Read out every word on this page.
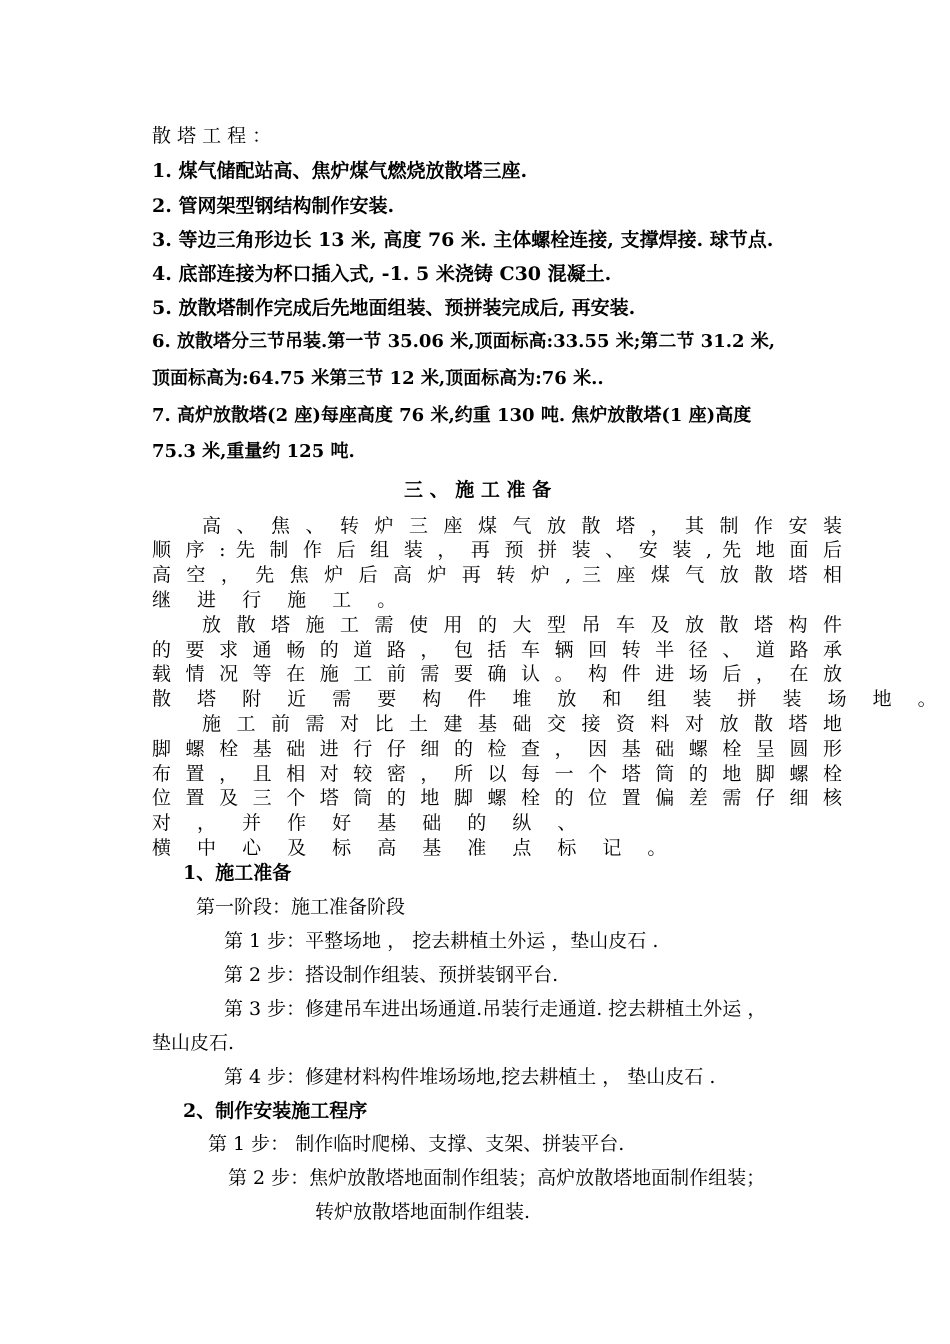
散 塔 工 程 ：
1. 煤气储配站高、焦炉煤气燃烧放散塔三座.
2. 管网架型钢结构制作安装.
3. 等边三角形边长 13 米, 高度 76 米. 主体螺栓连接, 支撑焊接. 球节点.
4. 底部连接为杯口插入式, -1. 5 米浇铸 C30 混凝土.
5. 放散塔制作完成后先地面组装、预拼装完成后, 再安装.
6. 放散塔分三节吊装.第一节 35.06 米,顶面标高:33.55 米;第二节 31.2 米,
顶面标高为:64.75 米第三节 12 米,顶面标高为:76 米..
7. 高炉放散塔(2 座)每座高度 76 米,约重 130 吨. 焦炉放散塔(1 座)高度
75.3 米,重量约 125 吨.
三 、 施 工 准 备
高 、 焦 、 转 炉 三 座 煤 气 放 散 塔 ， 其 制 作 安 装
顺 序 : 先 制 作 后 组 装 ， 再 预 拼 装 、 安 装 , 先 地 面 后
高 空 ， 先 焦 炉 后 高 炉 再 转 炉 , 三 座 煤 气 放 散 塔 相
继 进 行 施 工 。
放 散 塔 施 工 需 使 用 的 大 型 吊 车 及 放 散 塔 构 件
的 要 求 通 畅 的 道 路 ， 包 括 车 辆 回 转 半 径 、 道 路 承
载 情 况 等 在 施 工 前 需 要 确 认 。 构 件 进 场 后 ， 在 放
散 塔 附 近 需 要 构 件 堆 放 和 组 装 拼 装 场 地 。
施 工 前 需 对 比 土 建 基 础 交 接 资 料 对 放 散 塔 地
脚 螺 栓 基 础 进 行 仔 细 的 检 查 ， 因 基 础 螺 栓 呈 圆 形
布 置 ， 且 相 对 较 密 ， 所 以 每 一 个 塔 筒 的 地 脚 螺 栓
位 置 及 三 个 塔 筒 的 地 脚 螺 栓 的 位 置 偏 差 需 仔 细 核
对 ， 并 作 好 基 础 的 纵 、
横 中 心 及 标 高 基 准 点 标 记 。
1、施工准备
第一阶段：施工准备阶段
第 1 步：平整场地 ， 挖去耕植土外运 ，垫山皮石 .
第 2 步：搭设制作组装、预拼装钢平台.
第 3 步：修建吊车进出场通道.吊装行走通道. 挖去耕植土外运 ，
垫山皮石.
第 4 步：修建材料构件堆场场地,挖去耕植土 ， 垫山皮石 .
2、制作安装施工程序
第 1 步： 制作临时爬梯、支撑、支架、拼装平台.
第 2 步：焦炉放散塔地面制作组装；高炉放散塔地面制作组装；
转炉放散塔地面制作组装.
